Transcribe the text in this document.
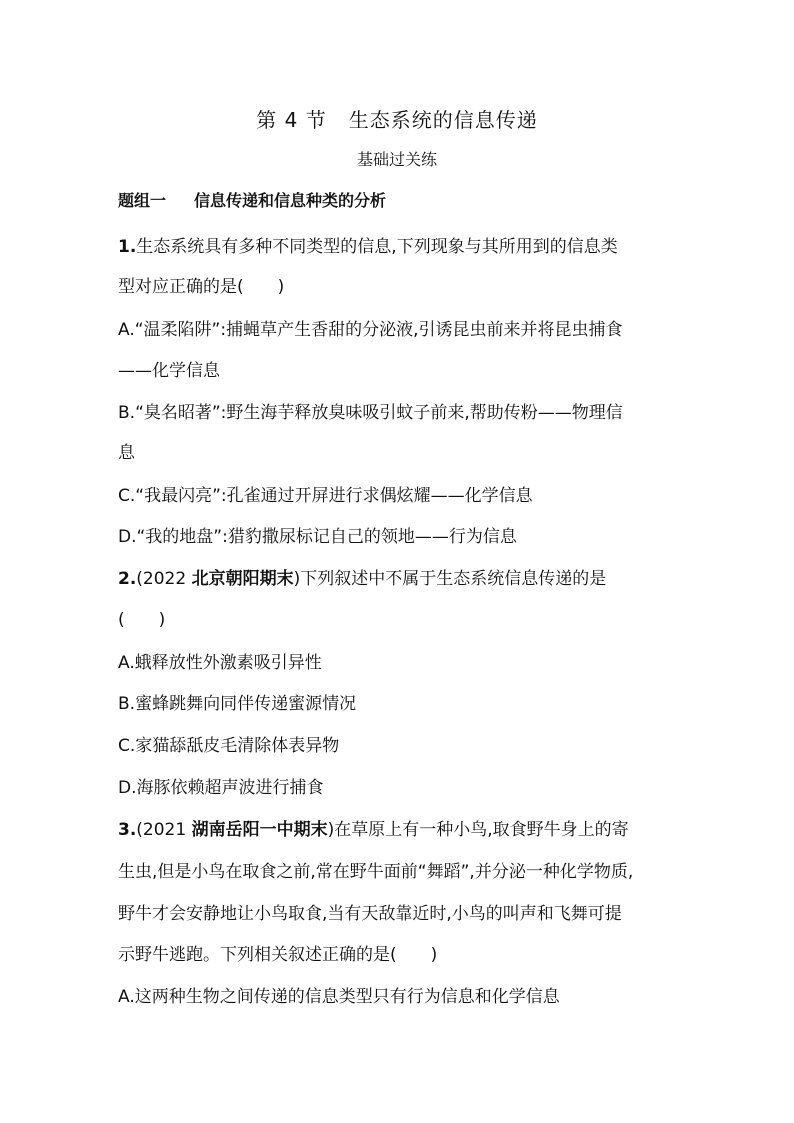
第 4 节 生态系统的信息传递
基础过关练
题组一 信息传递和信息种类的分析
1.生态系统具有多种不同类型的信息,下列现象与其所用到的信息类
型对应正确的是(　　)
A.“温柔陷阱”:捕蝇草产生香甜的分泌液,引诱昆虫前来并将昆虫捕食
——化学信息
B.“臭名昭著”:野生海芋释放臭味吸引蚊子前来,帮助传粉——物理信
息
C.“我最闪亮”:孔雀通过开屏进行求偶炫耀——化学信息
D.“我的地盘”:猎豹撒尿标记自己的领地——行为信息
2.(2022 北京朝阳期末)下列叙述中不属于生态系统信息传递的是
(　　)
A.蛾释放性外激素吸引异性
B.蜜蜂跳舞向同伴传递蜜源情况
C.家猫舔舐皮毛清除体表异物
D.海豚依赖超声波进行捕食
3.(2021 湖南岳阳一中期末)在草原上有一种小鸟,取食野牛身上的寄
生虫,但是小鸟在取食之前,常在野牛面前“舞蹈”,并分泌一种化学物质,
野牛才会安静地让小鸟取食,当有天敌靠近时,小鸟的叫声和飞舞可提
示野牛逃跑。下列相关叙述正确的是(　　)
A.这两种生物之间传递的信息类型只有行为信息和化学信息
